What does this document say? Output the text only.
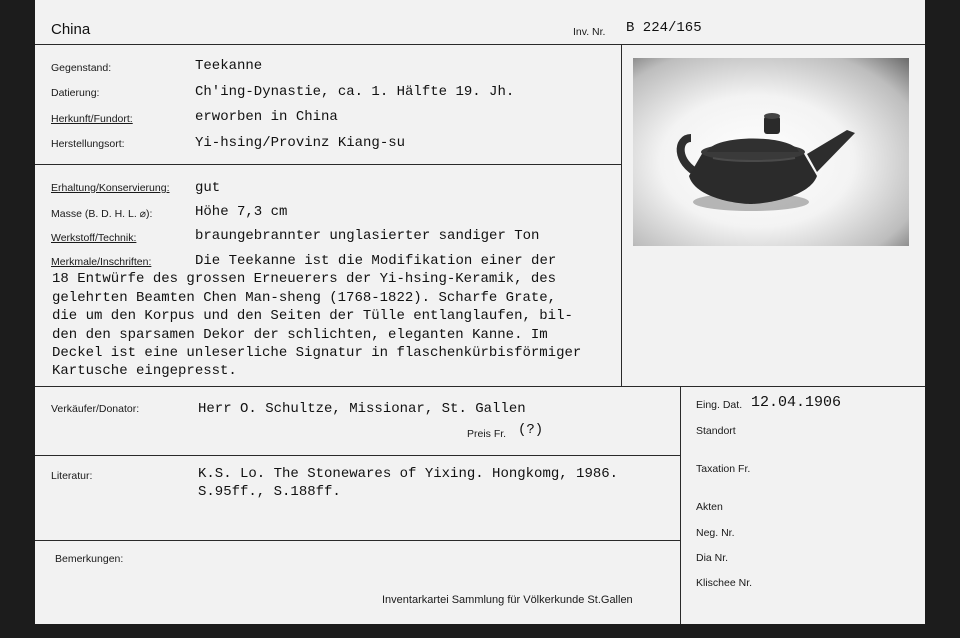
China	Inv. Nr. B 224/165
Gegenstand:	Teekanne
Datierung:	Ch'ing-Dynastie, ca. 1. Hälfte 19. Jh.
Herkunft/Fundort:	erworben in China
Herstellungsort:	Yi-hsing/Provinz Kiang-su
Erhaltung/Konservierung: gut
Masse (B. D. H. L. ⌀):	Höhe 7,3 cm
Werkstoff/Technik:	braungebrannter unglasierter sandiger Ton
Merkmale/Inschriften:	Die Teekanne ist die Modifikation einer der
18 Entwürfe des grossen Erneuerers der Yi-hsing-Keramik, des
gelehrten Beamten Chen Man-sheng (1768-1822). Scharfe Grate,
die um den Korpus und den Seiten der Tülle entlanglaufen, bil-
den den sparsamen Dekor der schlichten, eleganten Kanne. Im
Deckel ist eine unleserliche Signatur in flaschenkürbisförmiger
Kartusche eingepresst.
Verkäufer/Donator:	Herr O. Schultze, Missionar, St. Gallen
Preis Fr. (?)
Literatur:	K.S. Lo. The Stonewares of Yixing. Hongkomg, 1986.
S.95ff., S.188ff.
Bemerkungen:
Inventarkartei Sammlung für Völkerkunde St.Gallen
Eing. Dat. 12.04.1906
Standort
Taxation Fr.
Akten
Neg. Nr.
Dia Nr.
Klischee Nr.
